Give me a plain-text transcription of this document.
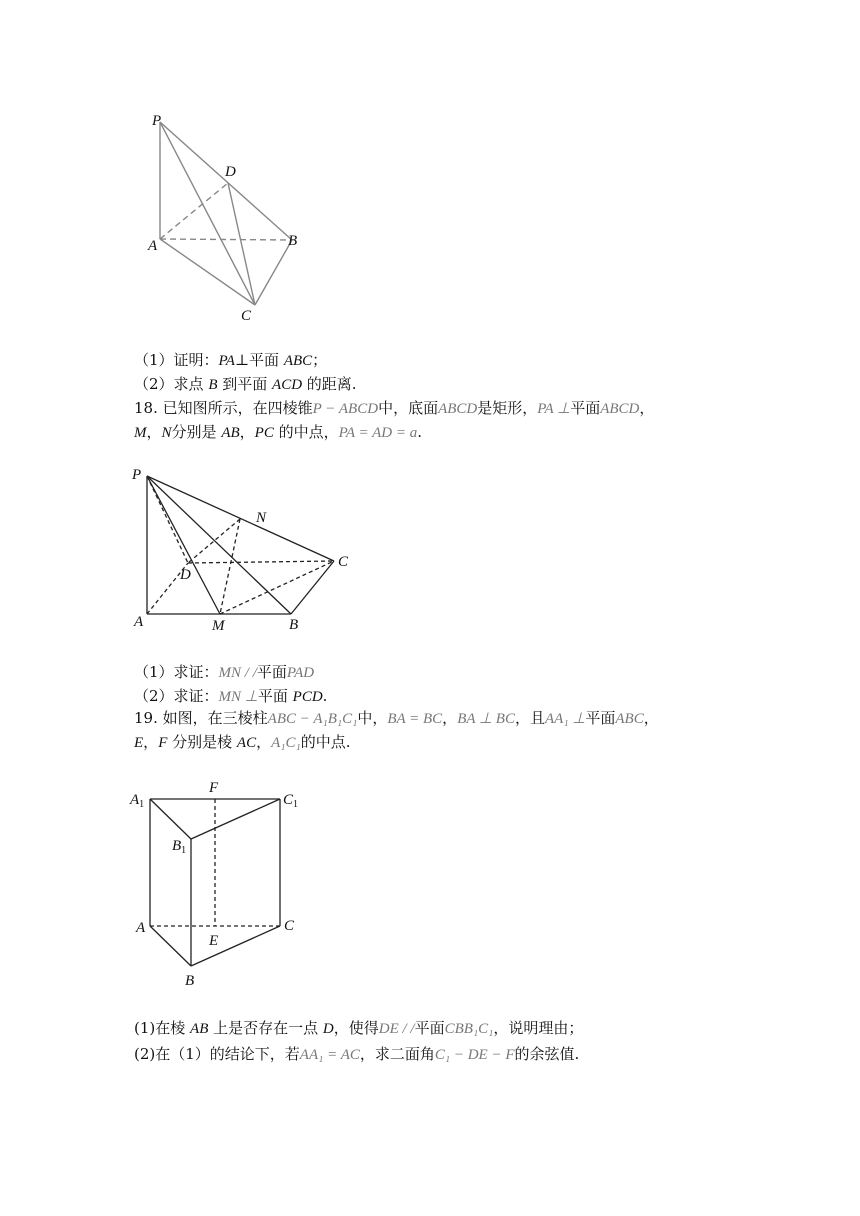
P
D
A	B
C
（1）证明：PA⊥平面 ABC；
（2）求点 B 到平面 ACD 的距离.
18. 已知图所示，在四棱锥P − ABCD中，底面ABCD是矩形，PA ⊥平面ABCD，
M，N分别是 AB，PC 的中点，PA = AD = a.
P
N
C
D
A	M	B
（1）求证：MN / /平面PAD
（2）求证：MN ⊥平面 PCD.
19. 如图，在三棱柱ABC − A₁B₁C₁中，BA = BC，BA ⊥ BC，且AA₁ ⊥平面ABC，
E，F 分别是棱 AC，A₁C₁的中点.
$A_1$
F
$C_1$
$B_1$
A	C
E
B
(1)在棱 AB 上是否存在一点 D，使得DE / /平面CBB₁C₁，说明理由；
(2)在（1）的结论下，若AA₁ = AC，求二面角C₁ − DE − F的余弦值.
